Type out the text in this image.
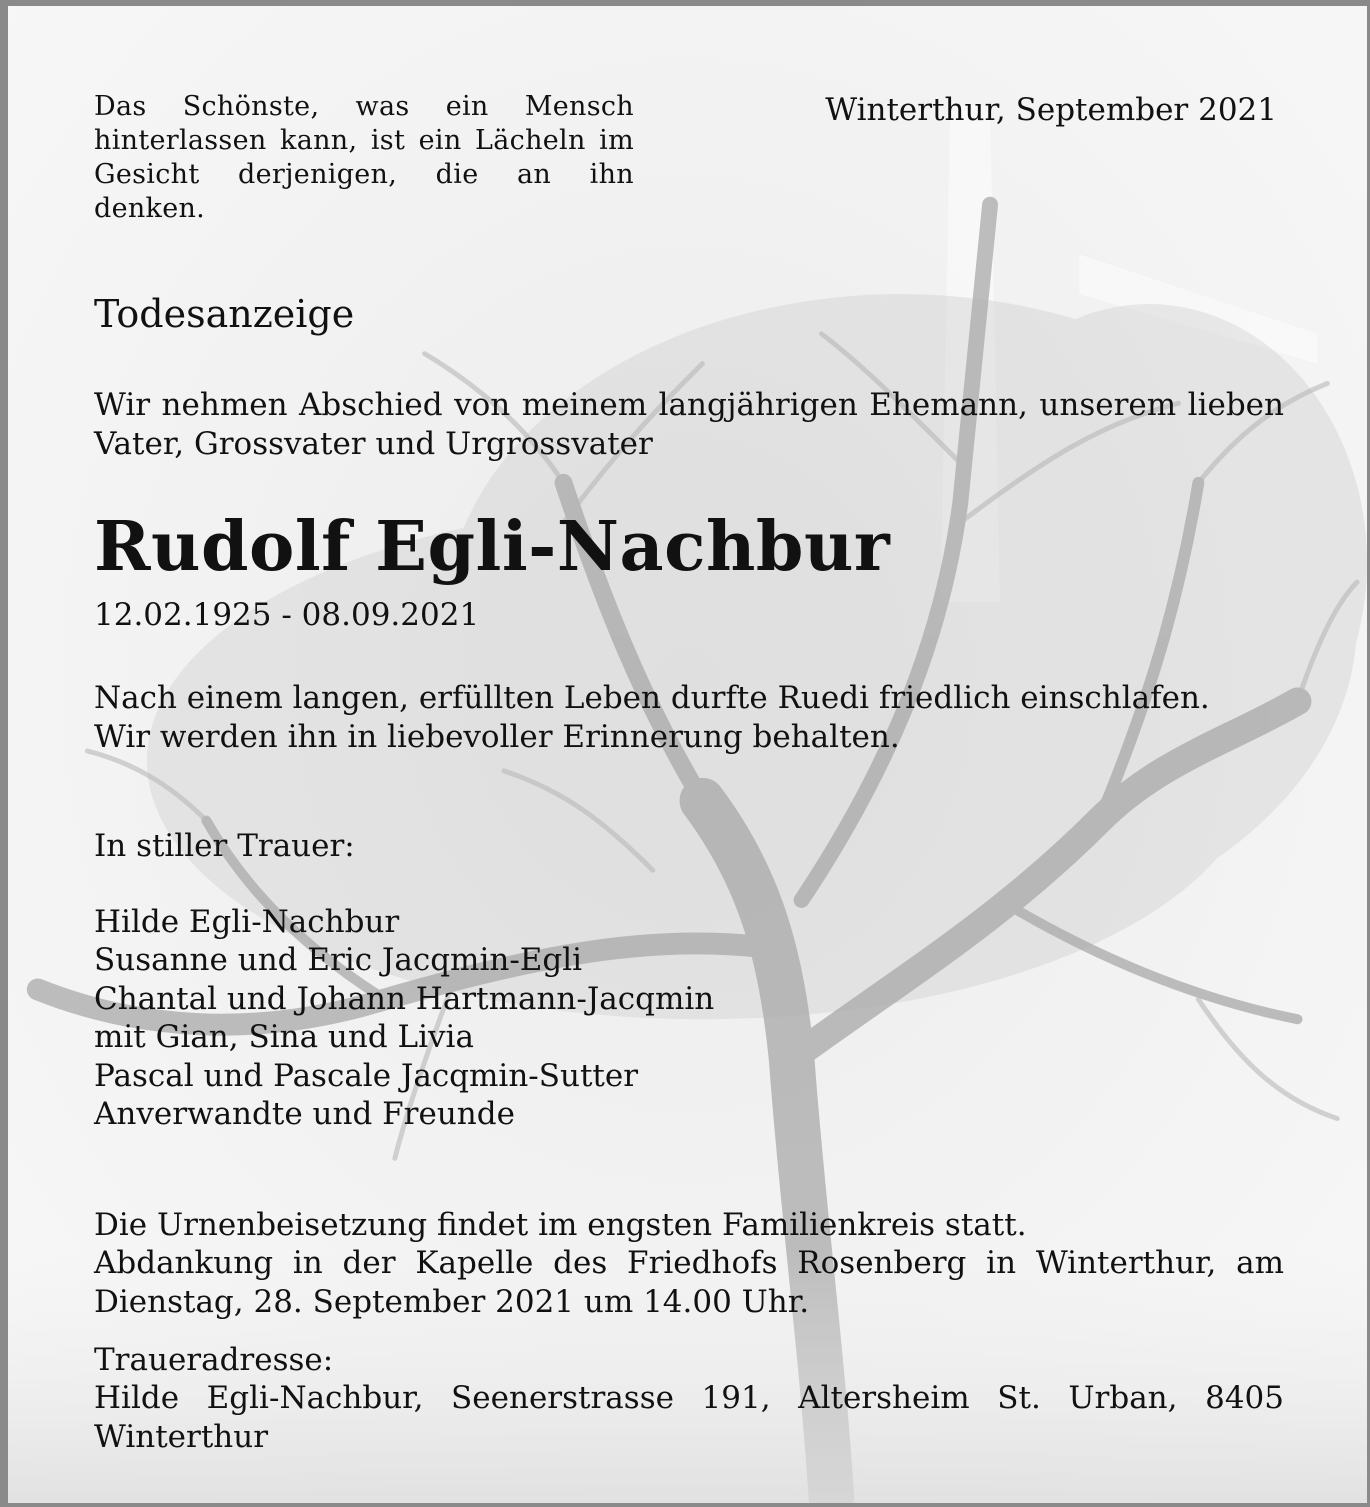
Das Schönste, was ein Mensch hinterlassen kann, ist ein Lächeln im Gesicht derjenigen, die an ihn denken.

Winterthur, September 2021

Todesanzeige

Wir nehmen Abschied von meinem langjährigen Ehemann, unserem lieben Vater, Grossvater und Urgrossvater

Rudolf Egli-Nachbur

12.02.1925 - 08.09.2021

Nach einem langen, erfüllten Leben durfte Ruedi friedlich einschlafen.
Wir werden ihn in liebevoller Erinnerung behalten.

In stiller Trauer:

Hilde Egli-Nachbur
Susanne und Eric Jacqmin-Egli
Chantal und Johann Hartmann-Jacqmin
mit Gian, Sina und Livia
Pascal und Pascale Jacqmin-Sutter
Anverwandte und Freunde
Die Urnenbeisetzung findet im engsten Familienkreis statt.
Abdankung in der Kapelle des Friedhofs Rosenberg in Winterthur, am Dienstag, 28. September 2021 um 14.00 Uhr.
Traueradresse:
Hilde Egli-Nachbur, Seenerstrasse 191, Altersheim St. Urban, 8405 Winterthur
